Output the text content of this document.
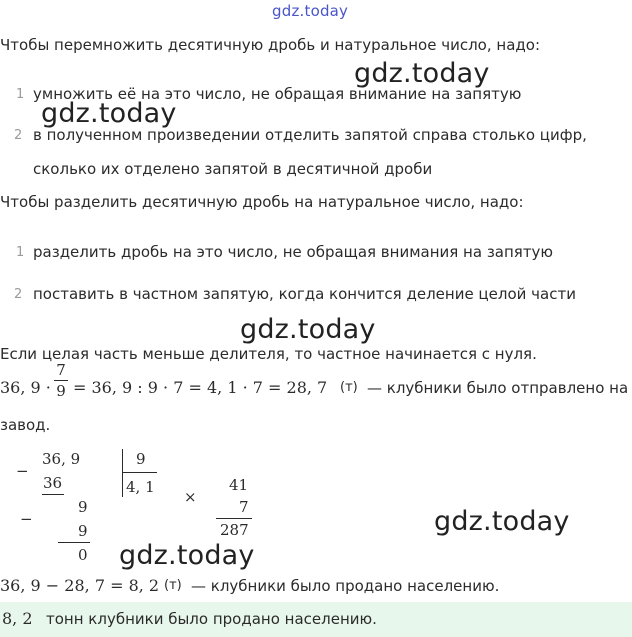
gdz.today
Чтобы перемножить десятичную дробь и натуральное число, надо:
1 умножить её на это число, не обращая внимание на запятую
2 в полученном произведении отделить запятой справа столько цифр,
сколько их отделено запятой в десятичной дроби
Чтобы разделить десятичную дробь на натуральное число, надо:
1 разделить дробь на это число, не обращая внимания на запятую
2 поставить в частном запятую, когда кончится деление целой части
Если целая часть меньше делителя, то частное начинается с нуля.
36, 9 ·
7
9 = 36, 9 : 9 · 7 = 4, 1 · 7 = 28, 7 (т) — клубники было отправлено на
завод.
−
36, 9
36
9
−
9
0
9
4, 1
×
41
7
287
36, 9 − 28, 7 = 8, 2 (т) — клубники было продано населению.
8, 2 тонн клубники было продано населению.
gdz.today
gdz.today
gdz.today
gdz.today
gdz.today
